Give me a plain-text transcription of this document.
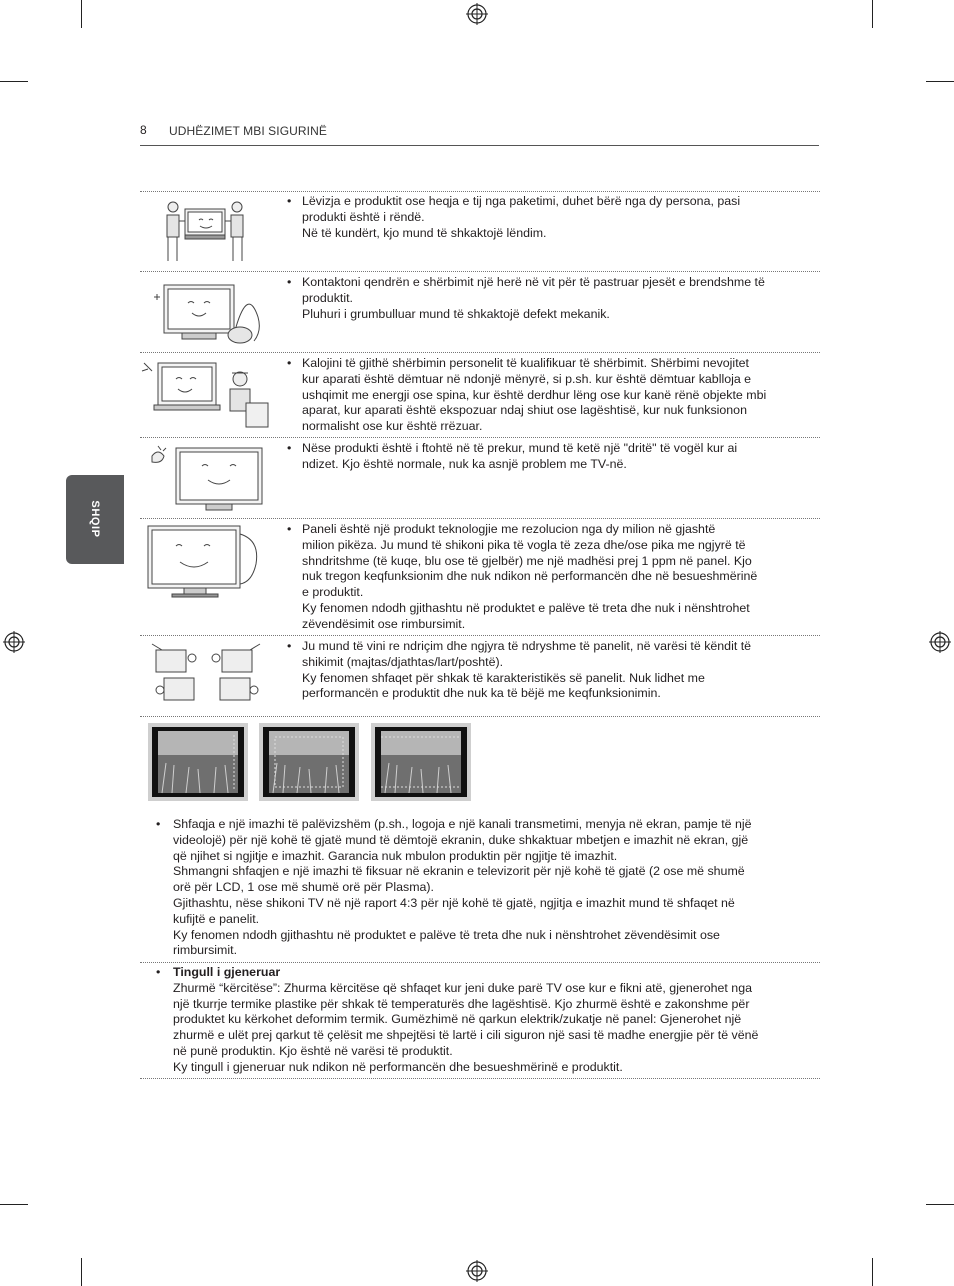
8 UDHËZIMET MBI SIGURINË
SHQIP
• Lëvizja e produktit ose heqja e tij nga paketimi, duhet bërë nga dy persona, pasi
produkti është i rëndë.
Në të kundërt, kjo mund të shkaktojë lëndim.
• Kontaktoni qendrën e shërbimit një herë në vit për të pastruar pjesët e brendshme të
produktit.
Pluhuri i grumbulluar mund të shkaktojë defekt mekanik.
• Kalojini të gjithë shërbimin personelit të kualifikuar të shërbimit. Shërbimi nevojitet
kur aparati është dëmtuar në ndonjë mënyrë, si p.sh. kur është dëmtuar kablloja e
ushqimit me energji ose spina, kur është derdhur lëng ose kur kanë rënë objekte mbi
aparat, kur aparati është ekspozuar ndaj shiut ose lagështisë, kur nuk funksionon
normalisht ose kur është rrëzuar.
• Nëse produkti është i ftohtë në të prekur, mund të ketë një "dritë" të vogël kur ai
ndizet. Kjo është normale, nuk ka asnjë problem me TV-në.
• Paneli është një produkt teknologjie me rezolucion nga dy milion në gjashtë
milion pikëza. Ju mund të shikoni pika të vogla të zeza dhe/ose pika me ngjyrë të
shndritshme (të kuqe, blu ose të gjelbër) me një madhësi prej 1 ppm në panel. Kjo
nuk tregon keqfunksionim dhe nuk ndikon në performancën dhe në besueshmërinë
e produktit.
Ky fenomen ndodh gjithashtu në produktet e palëve të treta dhe nuk i nënshtrohet
zëvendësimit ose rimbursimit.
• Ju mund të vini re ndriçim dhe ngjyra të ndryshme të panelit, në varësi të këndit të
shikimit (majtas/djathtas/lart/poshtë).
Ky fenomen shfaqet për shkak të karakteristikës së panelit. Nuk lidhet me
performancën e produktit dhe nuk ka të bëjë me keqfunksionimin.
• Shfaqja e një imazhi të palëvizshëm (p.sh., logoja e një kanali transmetimi, menyja në ekran, pamje të një
videolojë) për një kohë të gjatë mund të dëmtojë ekranin, duke shkaktuar mbetjen e imazhit në ekran, gjë
që njihet si ngjitje e imazhit. Garancia nuk mbulon produktin për ngjitje të imazhit.
Shmangni shfaqjen e një imazhi të fiksuar në ekranin e televizorit për një kohë të gjatë (2 ose më shumë
orë për LCD, 1 ose më shumë orë për Plasma).
Gjithashtu, nëse shikoni TV në një raport 4:3 për një kohë të gjatë, ngjitja e imazhit mund të shfaqet në
kufijtë e panelit.
Ky fenomen ndodh gjithashtu në produktet e palëve të treta dhe nuk i nënshtrohet zëvendësimit ose
rimbursimit.
• Tingull i gjeneruar
Zhurmë “kërcitëse”: Zhurma kërcitëse që shfaqet kur jeni duke parë TV ose kur e fikni atë, gjenerohet nga
një tkurrje termike plastike për shkak të temperaturës dhe lagështisë. Kjo zhurmë është e zakonshme për
produktet ku kërkohet deformim termik. Gumëzhimë në qarkun elektrik/zukatje në panel: Gjenerohet një
zhurmë e ulët prej qarkut të çelësit me shpejtësi të lartë i cili siguron një sasi të madhe energjie për të vënë
në punë produktin. Kjo është në varësi të produktit.
Ky tingull i gjeneruar nuk ndikon në performancën dhe besueshmërinë e produktit.
